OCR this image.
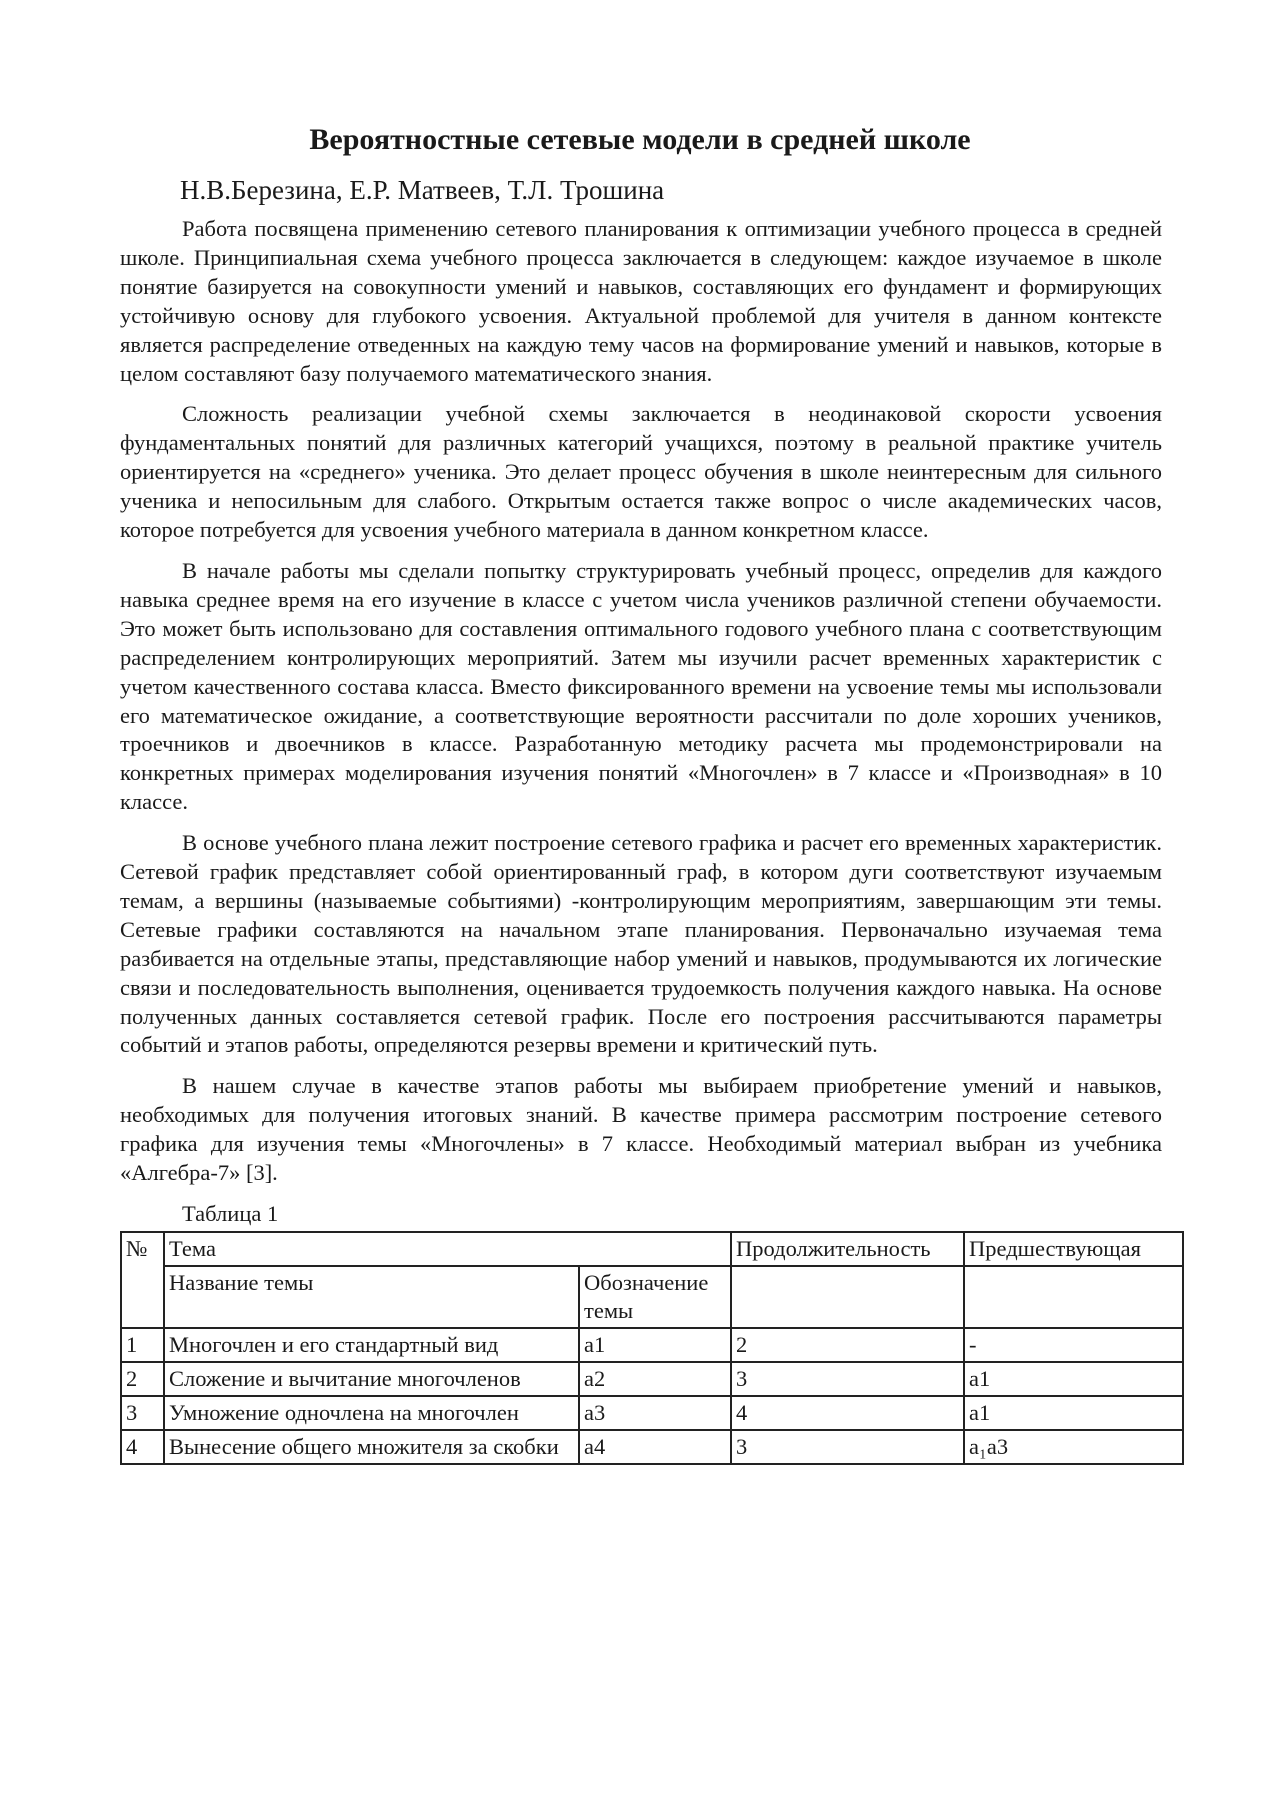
Вероятностные сетевые модели в средней школе
Н.В.Березина, Е.Р. Матвеев, Т.Л. Трошина

Работа посвящена применению сетевого планирования к оптимизации учебного процесса в средней школе. Принципиальная схема учебного процесса заключается в следующем: каждое изучаемое в школе понятие базируется на совокупности умений и навыков, составляющих его фундамент и формирующих устойчивую основу для глубокого усвоения. Актуальной проблемой для учителя в данном контексте является распределение отведенных на каждую тему часов на формирование умений и навыков, которые в целом составляют базу получаемого математического знания.

Сложность реализации учебной схемы заключается в неодинаковой скорости усвоения фундаментальных понятий для различных категорий учащихся, поэтому в реальной практике учитель ориентируется на «среднего» ученика. Это делает процесс обучения в школе неинтересным для сильного ученика и непосильным для слабого. Открытым остается также вопрос о числе академических часов, которое потребуется для усвоения учебного материала в данном конкретном классе.

В начале работы мы сделали попытку структурировать учебный процесс, определив для каждого навыка среднее время на его изучение в классе с учетом числа учеников различной степени обучаемости. Это может быть использовано для составления оптимального годового учебного плана с соответствующим распределением контролирующих мероприятий. Затем мы изучили расчет временных характеристик с учетом качественного состава класса. Вместо фиксированного времени на усвоение темы мы использовали его математическое ожидание, а соответствующие вероятности рассчитали по доле хороших учеников, троечников и двоечников в классе. Разработанную методику расчета мы продемонстрировали на конкретных примерах моделирования изучения понятий «Многочлен» в 7 классе и «Производная» в 10 классе.

В основе учебного плана лежит построение сетевого графика и расчет его временных характеристик. Сетевой график представляет собой ориентированный граф, в котором дуги соответствуют изучаемым темам, а вершины (называемые событиями) -контролирующим мероприятиям, завершающим эти темы. Сетевые графики составляются на начальном этапе планирования. Первоначально изучаемая тема разбивается на отдельные этапы, представляющие набор умений и навыков, продумываются их логические связи и последовательность выполнения, оценивается трудоемкость получения каждого навыка. На основе полученных данных составляется сетевой график. После его построения рассчитываются параметры событий и этапов работы, определяются резервы времени и критический путь.

В нашем случае в качестве этапов работы мы выбираем приобретение умений и навыков, необходимых для получения итоговых знаний. В качестве примера рассмотрим построение сетевого графика для изучения темы «Многочлены» в 7 классе. Необходимый материал выбран из учебника «Алгебра-7» [3].

Таблица 1
№	Тема		Продолжительность	Предшествующая
	Название темы	Обозначение темы		
1	Многочлен и его стандартный вид	a1	2	-
2	Сложение и вычитание многочленов	a2	3	a1
3	Умножение одночлена на многочлен	a3	4	a1
4	Вынесение общего множителя за скобки	a4	3	a₁a3
